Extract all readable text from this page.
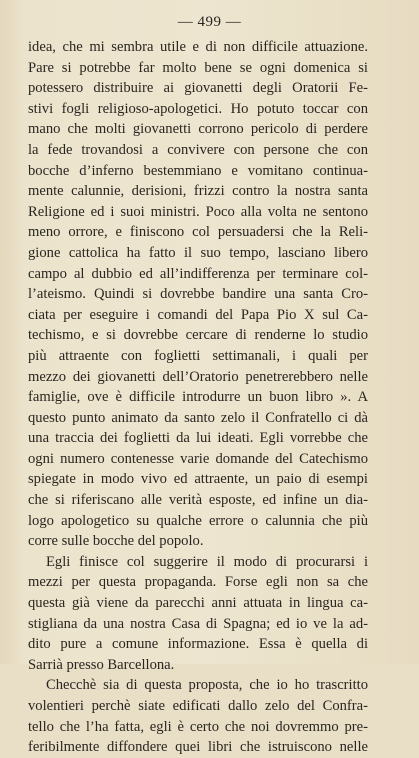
— 499 —
idea, che mi sembra utile e di non difficile attuazione.
Pare si potrebbe far molto bene se ogni domenica si
potessero distribuire ai giovanetti degli Oratorii Fe-
stivi fogli religioso-apologetici. Ho potuto toccar con
mano che molti giovanetti corrono pericolo di perdere
la fede trovandosi a convivere con persone che con
bocche d’inferno bestemmiano e vomitano continua-
mente calunnie, derisioni, frizzi contro la nostra santa
Religione ed i suoi ministri. Poco alla volta ne sentono
meno orrore, e finiscono col persuadersi che la Reli-
gione cattolica ha fatto il suo tempo, lasciano libero
campo al dubbio ed all’indifferenza per terminare col-
l’ateismo. Quindi si dovrebbe bandire una santa Cro-
ciata per eseguire i comandi del Papa Pio X sul Ca-
techismo, e si dovrebbe cercare di renderne lo studio
più attraente con foglietti settimanali, i quali per
mezzo dei giovanetti dell’Oratorio penetrerebbero nelle
famiglie, ove è difficile introdurre un buon libro ». A
questo punto animato da santo zelo il Confratello ci dà
una traccia dei foglietti da lui ideati. Egli vorrebbe che
ogni numero contenesse varie domande del Catechismo
spiegate in modo vivo ed attraente, un paio di esempi
che si riferiscano alle verità esposte, ed infine un dia-
logo apologetico su qualche errore o calunnia che più
corre sulle bocche del popolo.
Egli finisce col suggerire il modo di procurarsi i
mezzi per questa propaganda. Forse egli non sa che
questa già viene da parecchi anni attuata in lingua ca-
stigliana da una nostra Casa di Spagna; ed io ve la ad-
dito pure a comune informazione. Essa è quella di
Sarrià presso Barcellona.
Checchè sia di questa proposta, che io ho trascritto
volentieri perchè siate edificati dallo zelo del Confra-
tello che l’ha fatta, egli è certo che noi dovremmo pre-
feribilmente diffondere quei libri che istruiscono nelle
